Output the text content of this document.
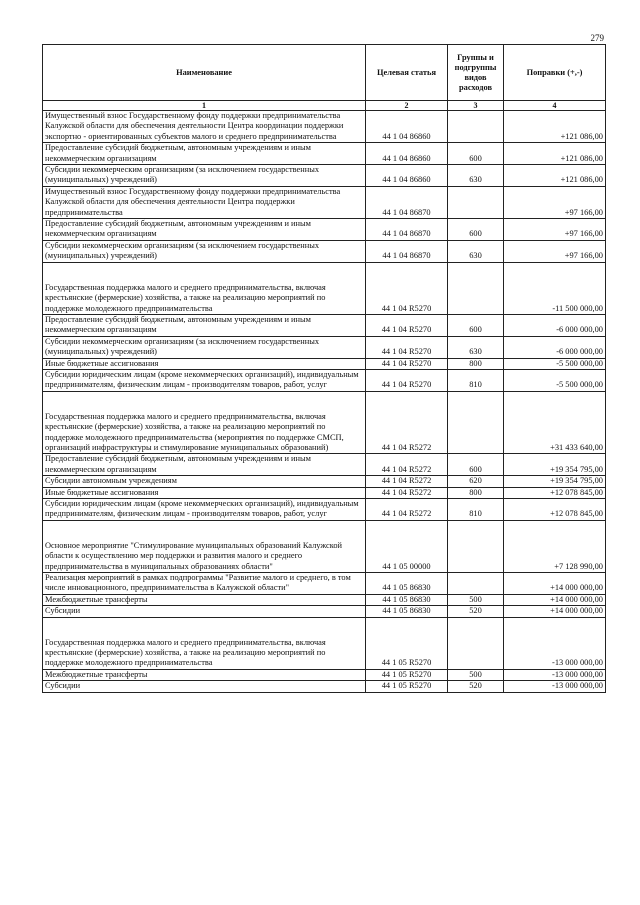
279
Наименование	Целевая статья	Группы и подгруппы видов расходов	Поправки (+,-)
1	2	3	4
Имущественный взнос Государственному фонду поддержки предпринимательства Калужской области для обеспечения деятельности Центра координации поддержки экспортно - ориентированных субъектов малого и среднего предпринимательства	44 1 04 86860		+121 086,00
Предоставление субсидий бюджетным, автономным учреждениям и иным некоммерческим организациям	44 1 04 86860	600	+121 086,00
Субсидии некоммерческим организациям (за исключением государственных (муниципальных) учреждений)	44 1 04 86860	630	+121 086,00
Имущественный взнос Государственному фонду поддержки предпринимательства Калужской области для обеспечения деятельности Центра поддержки предпринимательства	44 1 04 86870		+97 166,00
Предоставление субсидий бюджетным, автономным учреждениям и иным некоммерческим организациям	44 1 04 86870	600	+97 166,00
Субсидии некоммерческим организациям (за исключением государственных (муниципальных) учреждений)	44 1 04 86870	630	+97 166,00
Государственная поддержка малого и среднего предпринимательства, включая крестьянские (фермерские) хозяйства, а также на реализацию мероприятий по поддержке молодежного предпринимательства	44 1 04 R5270		-11 500 000,00
Предоставление субсидий бюджетным, автономным учреждениям и иным некоммерческим организациям	44 1 04 R5270	600	-6 000 000,00
Субсидии некоммерческим организациям (за исключением государственных (муниципальных) учреждений)	44 1 04 R5270	630	-6 000 000,00
Иные бюджетные ассигнования	44 1 04 R5270	800	-5 500 000,00
Субсидии юридическим лицам (кроме некоммерческих организаций), индивидуальным предпринимателям, физическим лицам - производителям товаров, работ, услуг	44 1 04 R5270	810	-5 500 000,00
Государственная поддержка малого и среднего предпринимательства, включая крестьянские (фермерские) хозяйства, а также на реализацию мероприятий по поддержке молодежного предпринимательства (мероприятия по поддержке СМСП, организаций инфраструктуры и стимулирование муниципальных образований)	44 1 04 R5272		+31 433 640,00
Предоставление субсидий бюджетным, автономным учреждениям и иным некоммерческим организациям	44 1 04 R5272	600	+19 354 795,00
Субсидии автономным учреждениям	44 1 04 R5272	620	+19 354 795,00
Иные бюджетные ассигнования	44 1 04 R5272	800	+12 078 845,00
Субсидии юридическим лицам (кроме некоммерческих организаций), индивидуальным предпринимателям, физическим лицам - производителям товаров, работ, услуг	44 1 04 R5272	810	+12 078 845,00
Основное мероприятие "Стимулирование муниципальных образований Калужской области к осуществлению мер поддержки и развития малого и среднего предпринимательства в муниципальных образованиях области"	44 1 05 00000		+7 128 990,00
Реализация мероприятий в рамках подпрограммы "Развитие малого и среднего, в том числе инновационного, предпринимательства в Калужской области"	44 1 05 86830		+14 000 000,00
Межбюджетные трансферты	44 1 05 86830	500	+14 000 000,00
Субсидии	44 1 05 86830	520	+14 000 000,00
Государственная поддержка малого и среднего предпринимательства, включая крестьянские (фермерские) хозяйства, а также на реализацию мероприятий по поддержке молодежного предпринимательства	44 1 05 R5270		-13 000 000,00
Межбюджетные трансферты	44 1 05 R5270	500	-13 000 000,00
Субсидии	44 1 05 R5270	520	-13 000 000,00
